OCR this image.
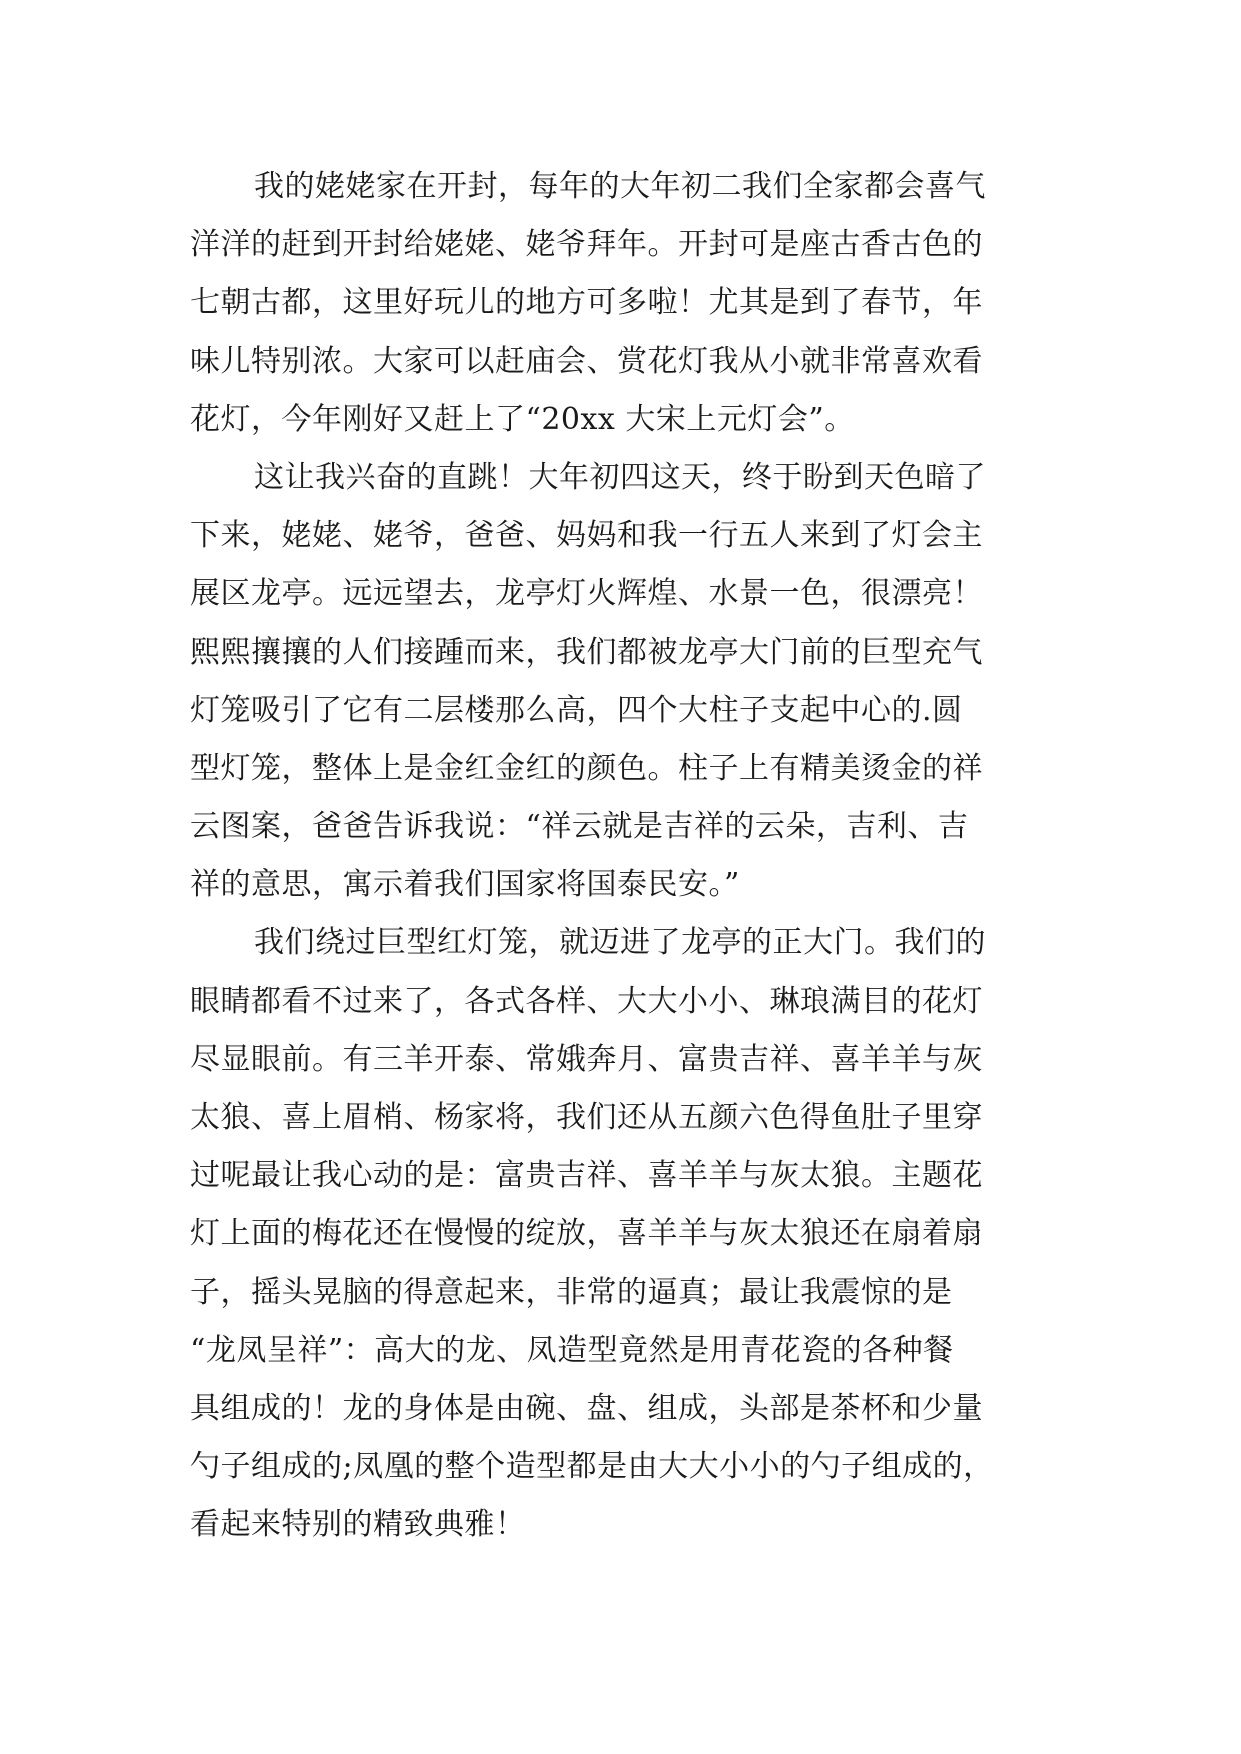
我的姥姥家在开封，每年的大年初二我们全家都会喜气
洋洋的赶到开封给姥姥、姥爷拜年。开封可是座古香古色的
七朝古都，这里好玩儿的地方可多啦！尤其是到了春节，年
味儿特别浓。大家可以赶庙会、赏花灯我从小就非常喜欢看
花灯，今年刚好又赶上了“20xx 大宋上元灯会”。
这让我兴奋的直跳！大年初四这天，终于盼到天色暗了
下来，姥姥、姥爷，爸爸、妈妈和我一行五人来到了灯会主
展区龙亭。远远望去，龙亭灯火辉煌、水景一色，很漂亮！
熙熙攘攘的人们接踵而来，我们都被龙亭大门前的巨型充气
灯笼吸引了它有二层楼那么高，四个大柱子支起中心的.圆
型灯笼，整体上是金红金红的颜色。柱子上有精美烫金的祥
云图案，爸爸告诉我说：“祥云就是吉祥的云朵，吉利、吉
祥的意思，寓示着我们国家将国泰民安。”
我们绕过巨型红灯笼，就迈进了龙亭的正大门。我们的
眼睛都看不过来了，各式各样、大大小小、琳琅满目的花灯
尽显眼前。有三羊开泰、常娥奔月、富贵吉祥、喜羊羊与灰
太狼、喜上眉梢、杨家将，我们还从五颜六色得鱼肚子里穿
过呢最让我心动的是：富贵吉祥、喜羊羊与灰太狼。主题花
灯上面的梅花还在慢慢的绽放，喜羊羊与灰太狼还在扇着扇
子，摇头晃脑的得意起来，非常的逼真；最让我震惊的是
“龙凤呈祥”：高大的龙、凤造型竟然是用青花瓷的各种餐
具组成的！龙的身体是由碗、盘、组成，头部是茶杯和少量
勺子组成的;凤凰的整个造型都是由大大小小的勺子组成的，
看起来特别的精致典雅！
